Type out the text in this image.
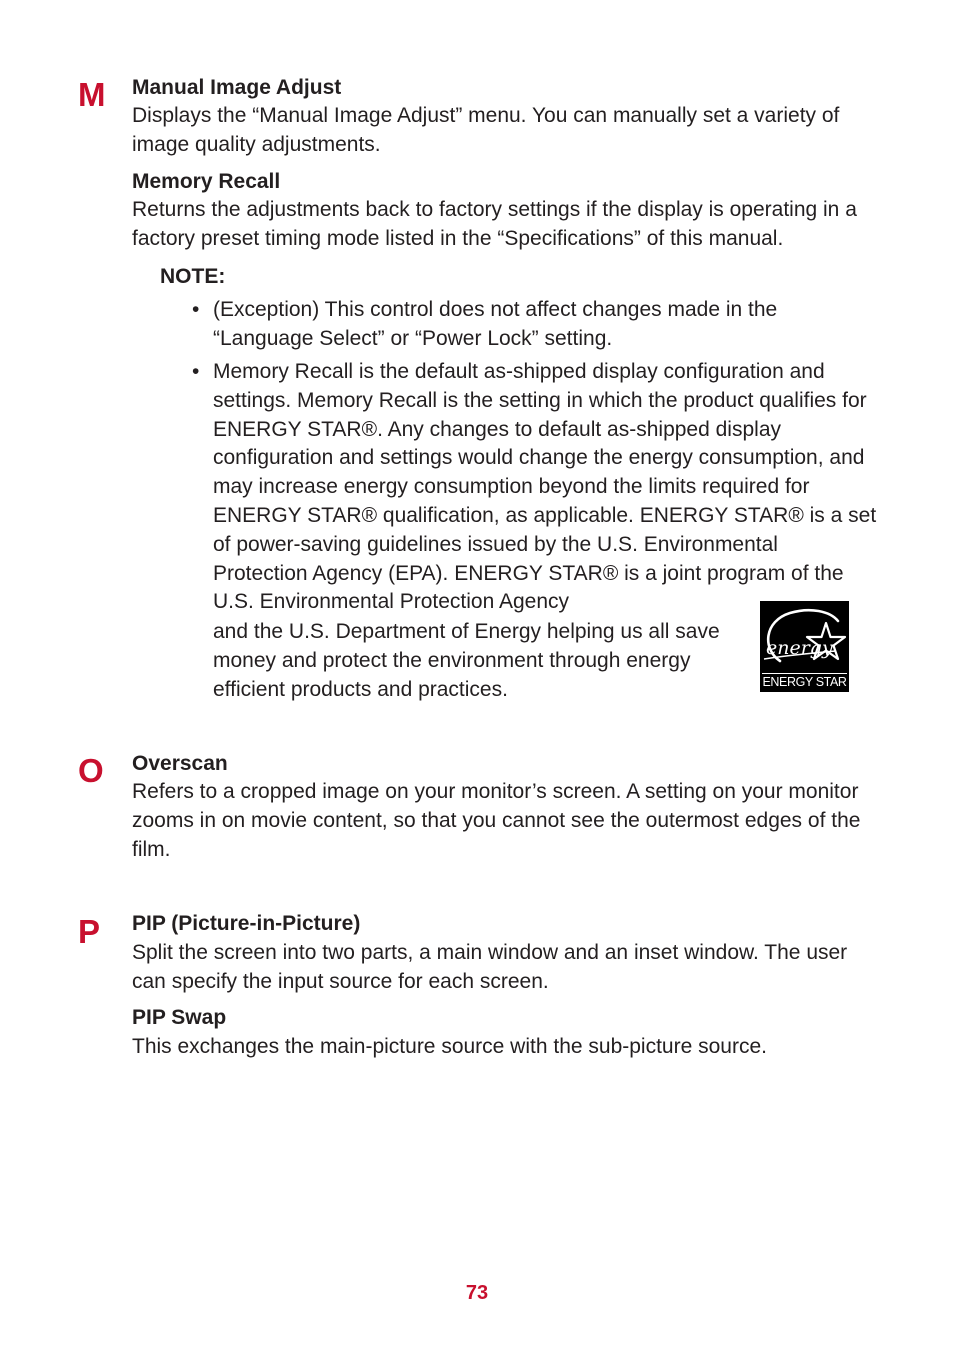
M Manual Image Adjust
Displays the “Manual Image Adjust” menu. You can manually set a variety of image quality adjustments.
Memory Recall
Returns the adjustments back to factory settings if the display is operating in a factory preset timing mode listed in the “Specifications” of this manual.
NOTE:
• (Exception) This control does not affect changes made in the “Language Select” or “Power Lock” setting.
• Memory Recall is the default as-shipped display configuration and settings. Memory Recall is the setting in which the product qualifies for ENERGY STAR®. Any changes to default as-shipped display configuration and settings would change the energy consumption, and may increase energy consumption beyond the limits required for ENERGY STAR® qualification, as applicable. ENERGY STAR® is a set of power-saving guidelines issued by the U.S. Environmental Protection Agency (EPA). ENERGY STAR® is a joint program of the U.S. Environmental Protection Agency
and the U.S. Department of Energy helping us all save money and protect the environment through energy efficient products and practices.
energy
ENERGY STAR
O Overscan
Refers to a cropped image on your monitor’s screen. A setting on your monitor zooms in on movie content, so that you cannot see the outermost edges of the film.
P PIP (Picture-in-Picture)
Split the screen into two parts, a main window and an inset window. The user can specify the input source for each screen.
PIP Swap
This exchanges the main-picture source with the sub-picture source.
73
